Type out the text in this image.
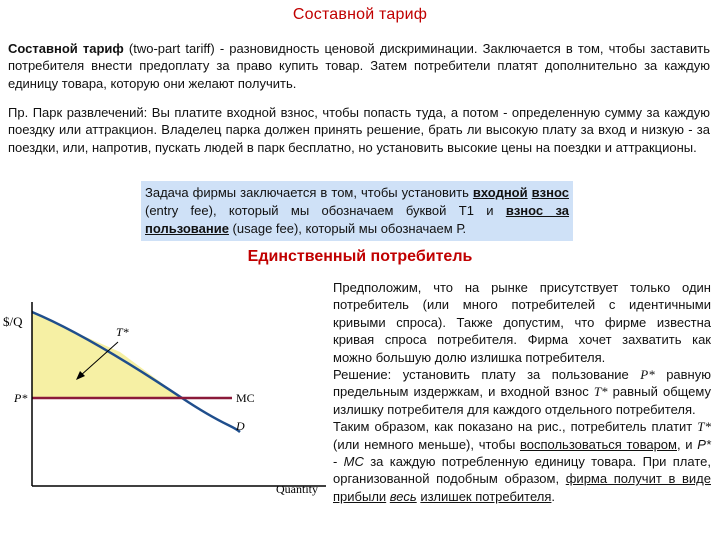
Составной тариф
Составной тариф (two-part tariff) - разновидность ценовой дискриминации. Заключается в том, чтобы заставить потребителя внести предоплату за право купить товар. Затем потребители платят дополнительно за каждую единицу товара, которую они желают получить.
Пр. Парк развлечений: Вы платите входной взнос, чтобы попасть туда, а потом - определенную сумму за каждую поездку или аттракцион. Владелец парка должен принять решение, брать ли высокую плату за вход и низкую - за поездки, или, напротив, пускать людей в парк бесплатно, но установить высокие цены на поездки и аттракционы.
Задача фирмы заключается в том, чтобы установить входной взнос (entry fee), который мы обозначаем буквой Т1 и взнос за пользование (usage fee), который мы обозначаем Р.
Единственный потребитель
$/Q
T*
P*	MC
D
Quantity
Предположим, что на рынке присутствует только один потребитель (или много потребителей с идентичными кривыми спроса). Также допустим, что фирме известна кривая спроса потребителя. Фирма хочет захватить как можно большую долю излишка потребителя.
Решение: установить плату за пользование P* равную предельным издержкам, и входной взнос T* равный общему излишку потребителя для каждого отдельного потребителя.
Таким образом, как показано на рис., потребитель платит T* (или немного меньше), чтобы воспользоваться товаром, и P* - MC за каждую потребленную единицу товара. При плате, организованной подобным образом, фирма получит в виде прибыли весь излишек потребителя.
